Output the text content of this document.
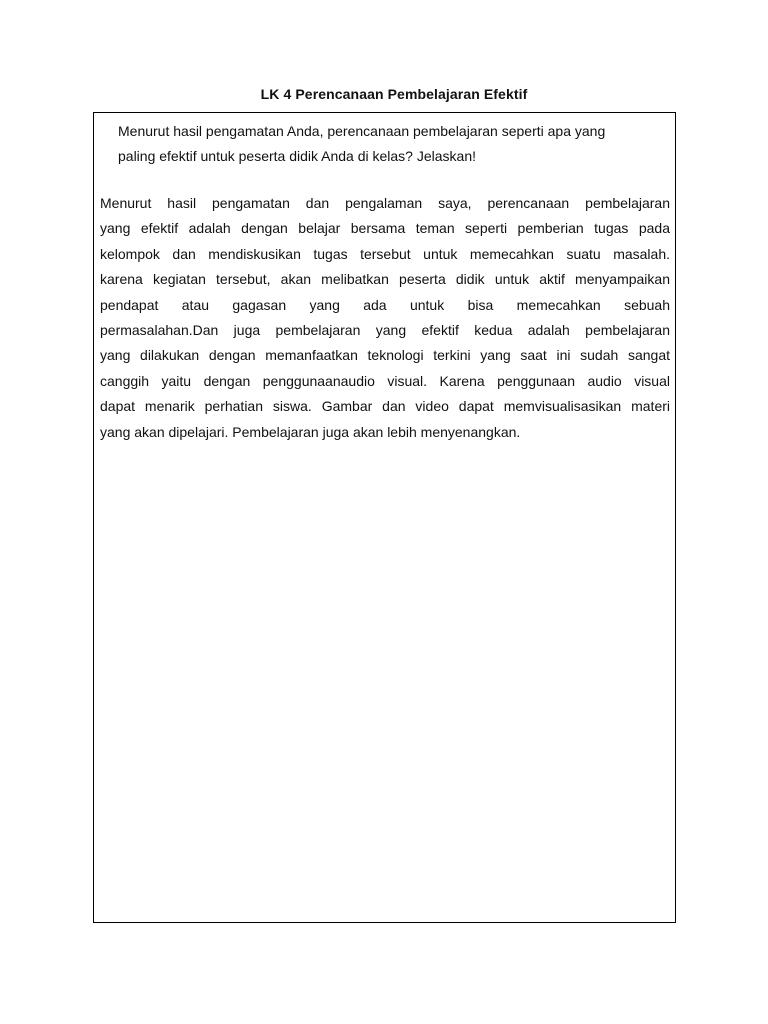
LK 4 Perencanaan Pembelajaran Efektif

Menurut hasil pengamatan Anda, perencanaan pembelajaran seperti apa yang
paling efektif untuk peserta didik Anda di kelas? Jelaskan!

Menurut hasil pengamatan dan pengalaman saya, perencanaan pembelajaran
yang efektif adalah dengan belajar bersama teman seperti pemberian tugas pada
kelompok dan mendiskusikan tugas tersebut untuk memecahkan suatu masalah.
karena kegiatan tersebut, akan melibatkan peserta didik untuk aktif menyampaikan
pendapat atau gagasan yang ada untuk bisa memecahkan sebuah
permasalahan.Dan juga pembelajaran yang efektif kedua adalah pembelajaran
yang dilakukan dengan memanfaatkan teknologi terkini yang saat ini sudah sangat
canggih yaitu dengan penggunaanaudio visual. Karena penggunaan audio visual
dapat menarik perhatian siswa. Gambar dan video dapat memvisualisasikan materi
yang akan dipelajari. Pembelajaran juga akan lebih menyenangkan.
